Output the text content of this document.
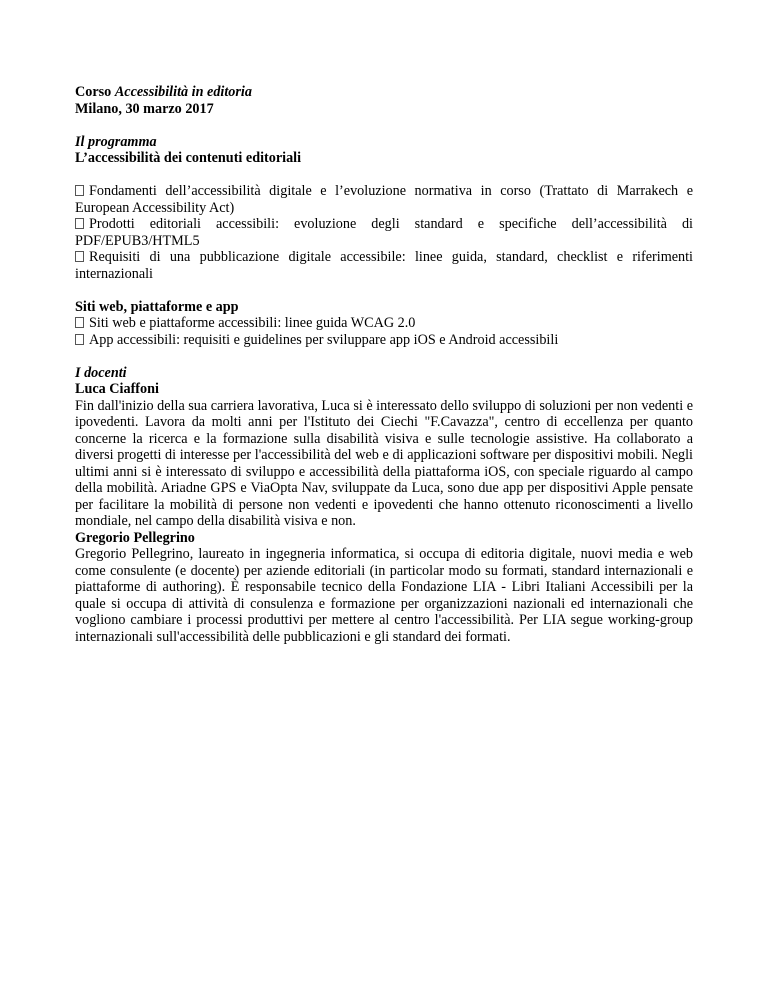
Corso Accessibilità in editoria

Milano, 30 marzo 2017

Il programma

L’accessibilità dei contenuti editoriali

Fondamenti dell’accessibilità digitale e l’evoluzione normativa in corso (Trattato di Marrakech e European Accessibility Act)

Prodotti editoriali accessibili: evoluzione degli standard e specifiche dell’accessibilità di PDF/EPUB3/HTML5

Requisiti di una pubblicazione digitale accessibile: linee guida, standard, checklist e riferimenti internazionali

Siti web, piattaforme e app

Siti web e piattaforme accessibili: linee guida WCAG 2.0

App accessibili: requisiti e guidelines per sviluppare app iOS e Android accessibili

I docenti

Luca Ciaffoni

Fin dall'inizio della sua carriera lavorativa, Luca si è interessato dello sviluppo di soluzioni per non vedenti e ipovedenti. Lavora da molti anni per l'Istituto dei Ciechi "F.Cavazza", centro di eccellenza per quanto concerne la ricerca e la formazione sulla disabilità visiva e sulle tecnologie assistive. Ha collaborato a diversi progetti di interesse per l'accessibilità del web e di applicazioni software per dispositivi mobili. Negli ultimi anni si è interessato di sviluppo e accessibilità della piattaforma iOS, con speciale riguardo al campo della mobilità. Ariadne GPS e ViaOpta Nav, sviluppate da Luca, sono due app per dispositivi Apple pensate per facilitare la mobilità di persone non vedenti e ipovedenti che hanno ottenuto riconoscimenti a livello mondiale, nel campo della disabilità visiva e non.

Gregorio Pellegrino

Gregorio Pellegrino, laureato in ingegneria informatica, si occupa di editoria digitale, nuovi media e web come consulente (e docente) per aziende editoriali (in particolar modo su formati, standard internazionali e piattaforme di authoring). È responsabile tecnico della Fondazione LIA - Libri Italiani Accessibili per la quale si occupa di attività di consulenza e formazione per organizzazioni nazionali ed internazionali che vogliono cambiare i processi produttivi per mettere al centro l'accessibilità. Per LIA segue working-group internazionali sull'accessibilità delle pubblicazioni e gli standard dei formati.
